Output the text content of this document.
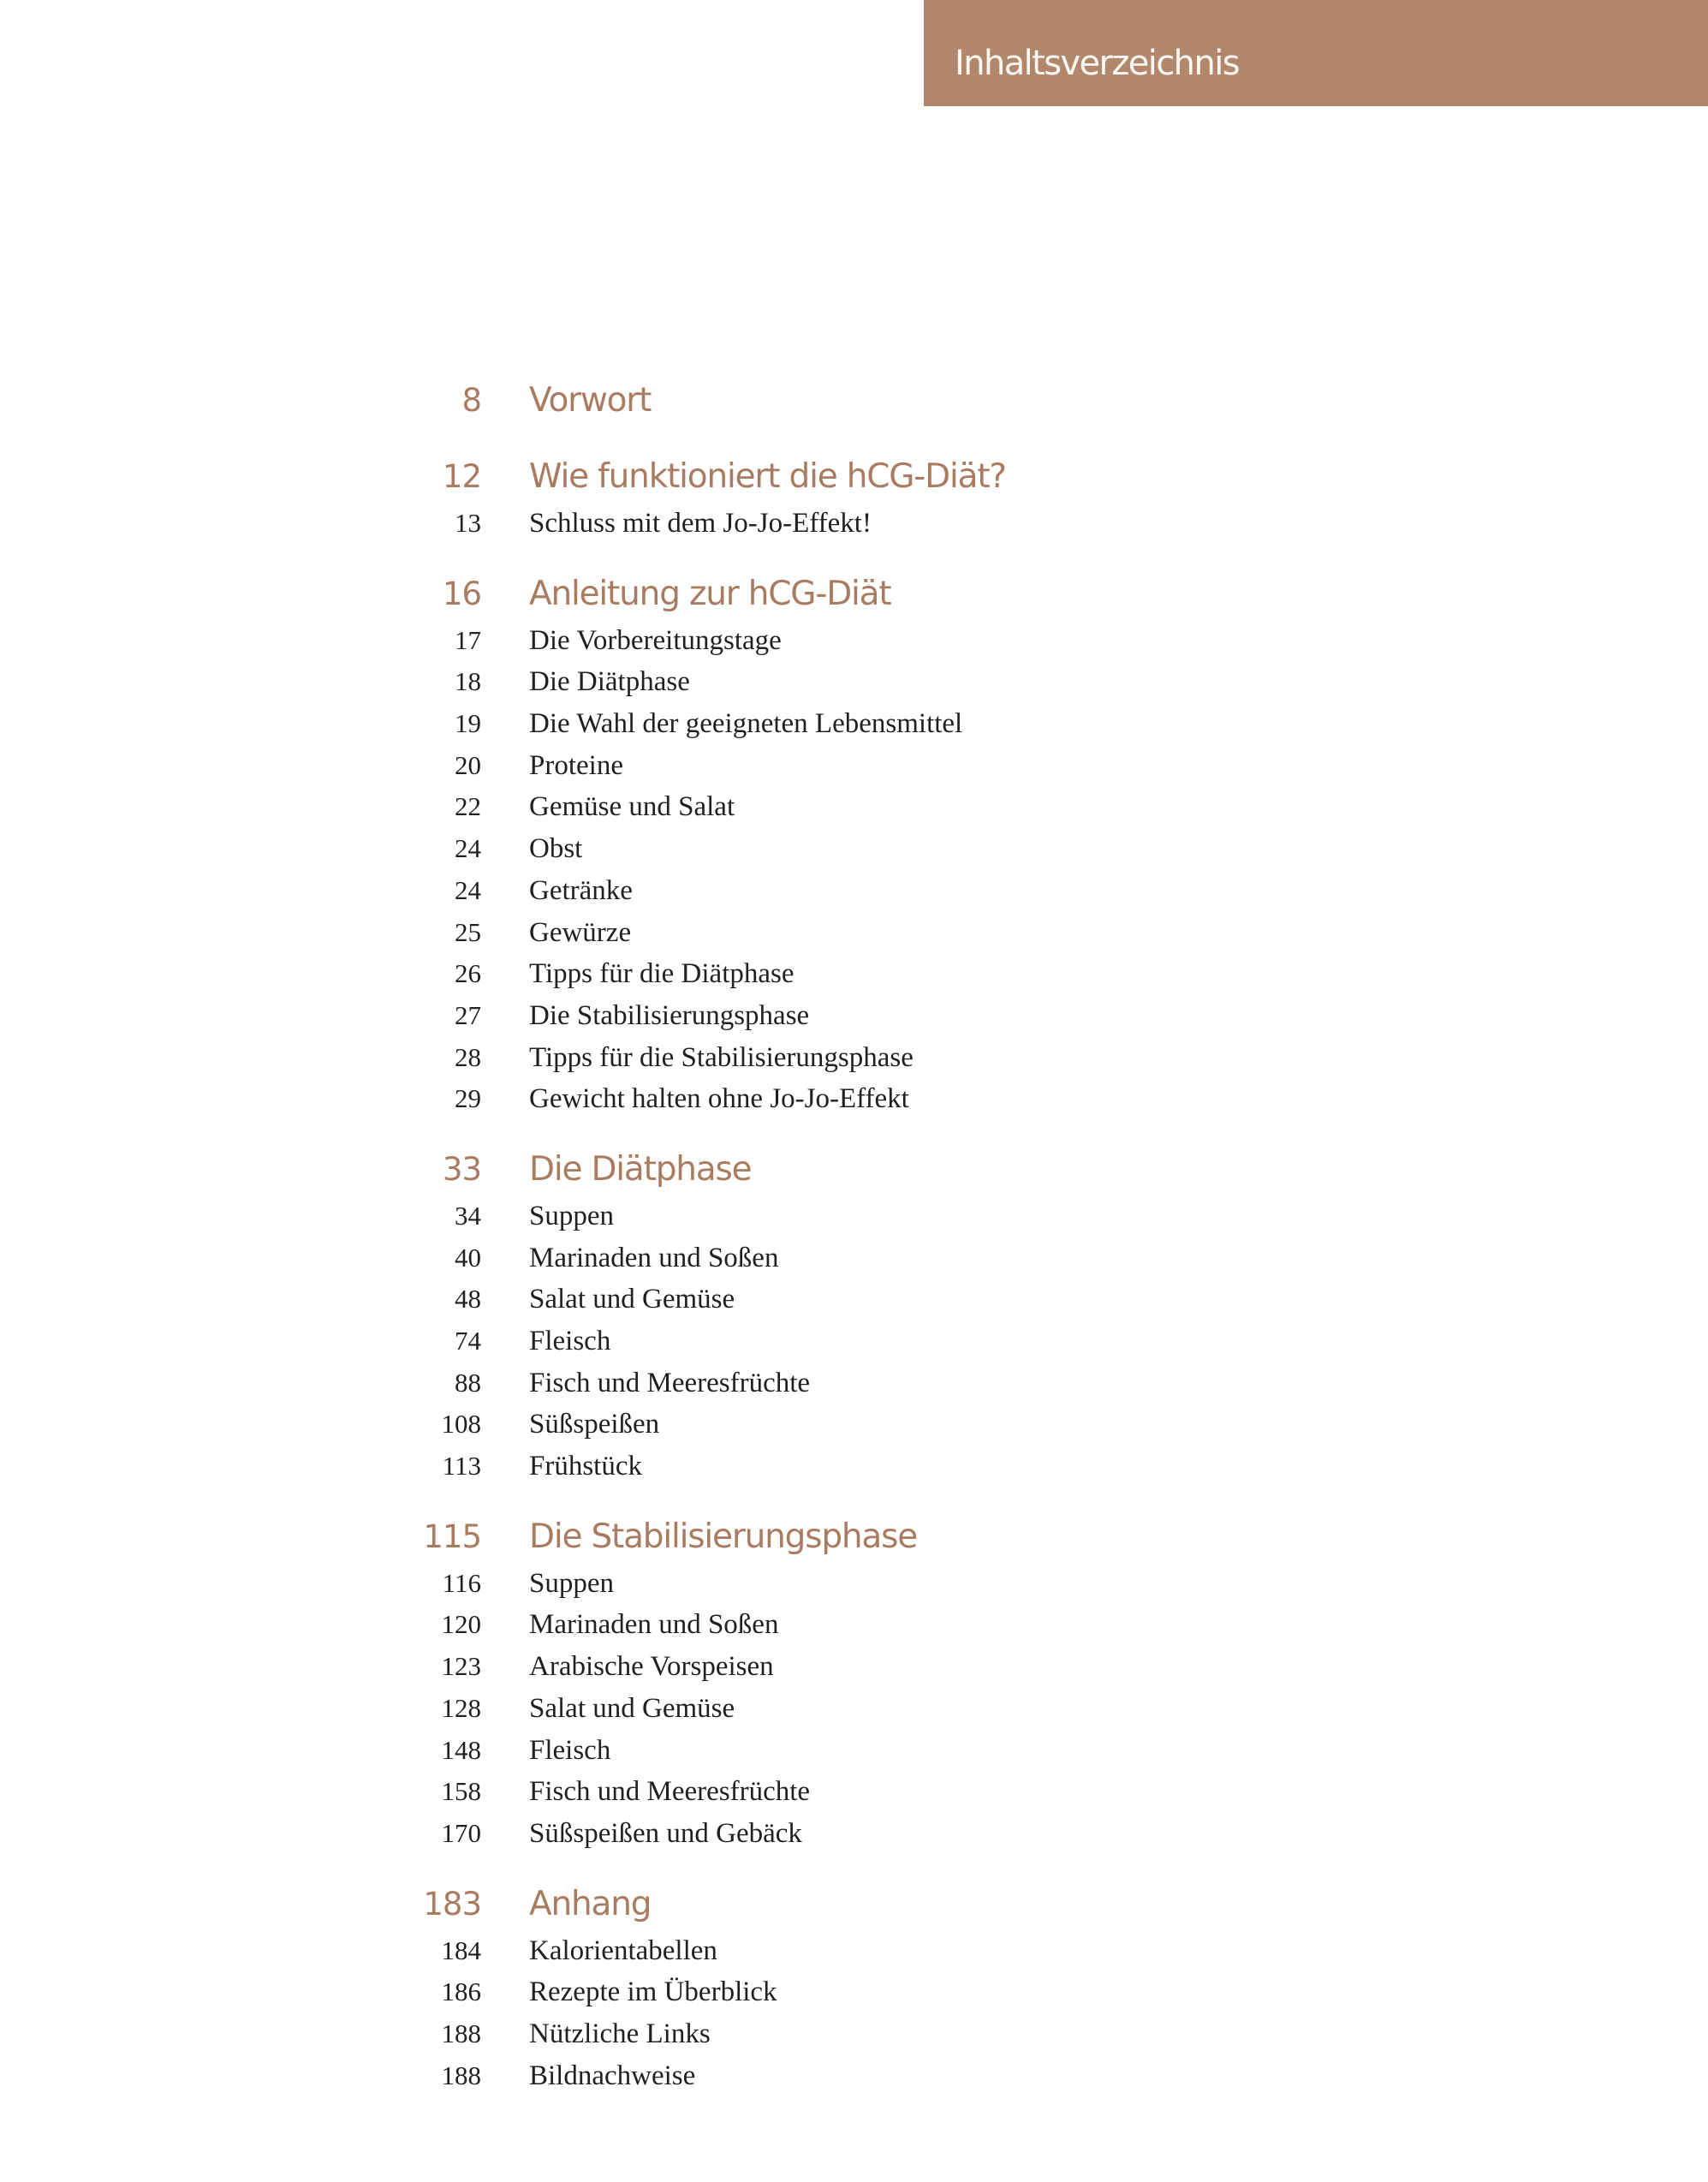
Inhaltsverzeichnis
8 Vorwort
12 Wie funktioniert die hCG-Diät?
13 Schluss mit dem Jo-Jo-Effekt!
16 Anleitung zur hCG-Diät
17 Die Vorbereitungstage
18 Die Diätphase
19 Die Wahl der geeigneten Lebensmittel
20 Proteine
22 Gemüse und Salat
24 Obst
24 Getränke
25 Gewürze
26 Tipps für die Diätphase
27 Die Stabilisierungsphase
28 Tipps für die Stabilisierungsphase
29 Gewicht halten ohne Jo-Jo-Effekt
33 Die Diätphase
34 Suppen
40 Marinaden und Soßen
48 Salat und Gemüse
74 Fleisch
88 Fisch und Meeresfrüchte
108 Süßspeißen
113 Frühstück
115 Die Stabilisierungsphase
116 Suppen
120 Marinaden und Soßen
123 Arabische Vorspeisen
128 Salat und Gemüse
148 Fleisch
158 Fisch und Meeresfrüchte
170 Süßspeißen und Gebäck
183 Anhang
184 Kalorientabellen
186 Rezepte im Überblick
188 Nützliche Links
188 Bildnachweise
